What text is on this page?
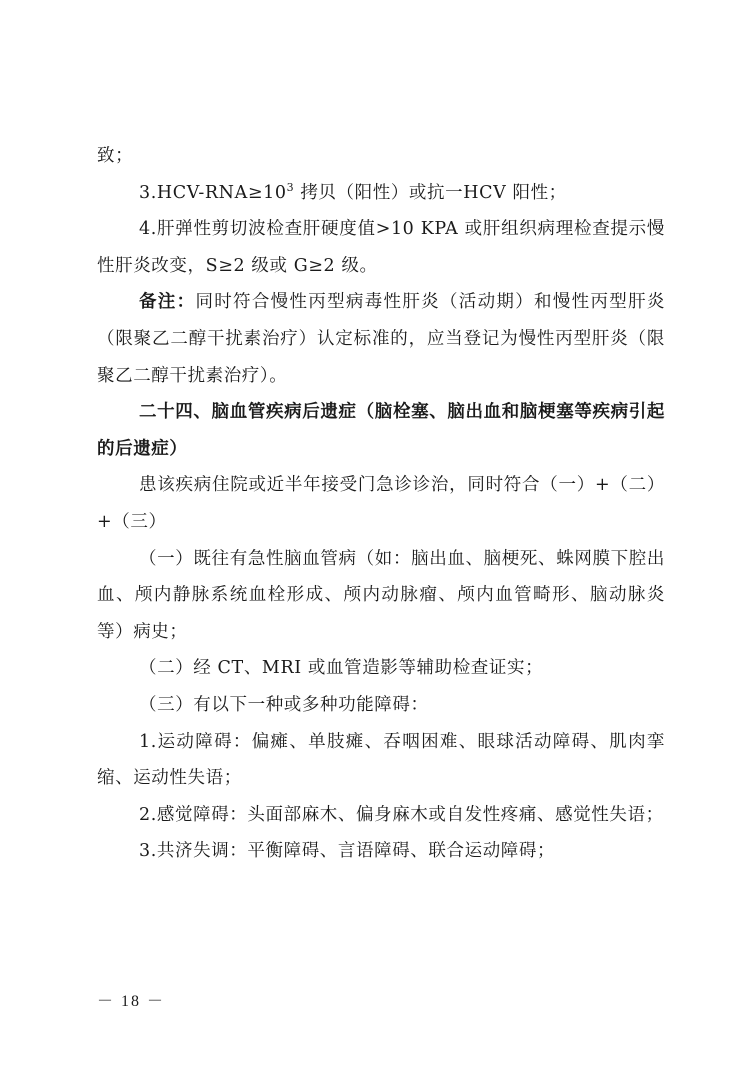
致；

$3.HCV-RNA\ge 10^3$ 拷贝（阳性）或抗一HCV 阳性；

4.肝弹性剪切波检查肝硬度值>10 KPA 或肝组织病理检查提示慢性肝炎改变，S≥2 级或 G≥2 级。

备注：同时符合慢性丙型病毒性肝炎（活动期）和慢性丙型肝炎（限聚乙二醇干扰素治疗）认定标准的，应当登记为慢性丙型肝炎（限聚乙二醇干扰素治疗）。

二十四、脑血管疾病后遗症（脑栓塞、脑出血和脑梗塞等疾病引起的后遗症）

患该疾病住院或近半年接受门急诊诊治，同时符合（一）+（二）+（三）

（一）既往有急性脑血管病（如：脑出血、脑梗死、蛛网膜下腔出血、颅内静脉系统血栓形成、颅内动脉瘤、颅内血管畸形、脑动脉炎等）病史；

（二）经 CT、MRI 或血管造影等辅助检查证实；

（三）有以下一种或多种功能障碍：

1.运动障碍：偏瘫、单肢瘫、吞咽困难、眼球活动障碍、肌肉挛缩、运动性失语；

2.感觉障碍：头面部麻木、偏身麻木或自发性疼痛、感觉性失语；

3.共济失调：平衡障碍、言语障碍、联合运动障碍；

－ 18 －
